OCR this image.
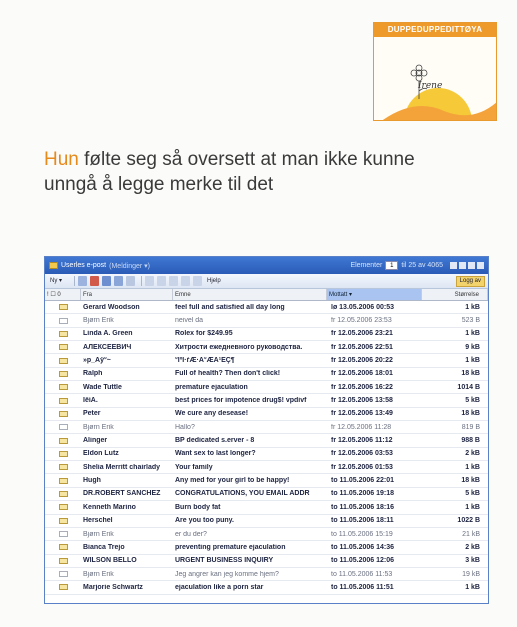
DUPPEDUPPEDITTØYA
Irene
Hun følte seg så oversett at man ikke kunne unngå å legge merke til det
Userles e-post (Meldinger ▾)	Elementer	1	til 25 av 4065
Ny ▾	Hjelp	Logg av
! ☐ 0	Fra	Emne	Mottatt ▾	Størrelse
Gerard Woodson	feel full and satisfied all day long	lø 13.05.2006 00:53	1 kB
Bjørn Erik	neivel da	fr 12.05.2006 23:53	523 B
Linda A. Green	Rolex for $249.95	fr 12.05.2006 23:21	1 kB
АЛЕКСЕЕВИЧ	Хитрости ежедневного руководства.	fr 12.05.2006 22:51	9 kB
»р_Ãÿ°~	°ÎºÌ·ѓÆ·Ä°ÆÀ¹ÈÇ¶	fr 12.05.2006 20:22	1 kB
Ralph	Full of health? Then don't click!	fr 12.05.2006 18:01	18 kB
Wade Tuttle	premature ejaculation	fr 12.05.2006 16:22	1014 B
ÎëìÀ.	best prices for impotence drug$! vpdivf	fr 12.05.2006 13:58	5 kB
Peter	We cure any desease!	fr 12.05.2006 13:49	18 kB
Bjørn Erik	Hallo?	fr 12.05.2006 11:28	819 B
Alinger	BP dedicated s.erver - 8	fr 12.05.2006 11:12	988 B
Eldon Lutz	Want sex to last longer?	fr 12.05.2006 03:53	2 kB
Shelia Merritt chairlady	Your family	fr 12.05.2006 01:53	1 kB
Hugh	Any med for your girl to be happy!	to 11.05.2006 22:01	18 kB
DR.ROBERT SANCHEZ	CONGRATULATIONS, YOU EMAIL ADDR	to 11.05.2006 19:18	5 kB
Kenneth Marino	Burn body fat	to 11.05.2006 18:16	1 kB
Herschel	Are you too puny.	to 11.05.2006 18:11	1022 B
Bjørn Erik	er du der?	to 11.05.2006 15:19	21 kB
Bianca Trejo	preventing premature ejaculation	to 11.05.2006 14:36	2 kB
WILSON BELLO	URGENT BUSINESS INQUIRY	to 11.05.2006 12:06	3 kB
Bjørn Erik	Jeg angrer kan jeg komme hjem?	to 11.05.2006 11:53	19 kB
Marjorie Schwartz	ejaculation like a porn star	to 11.05.2006 11:51	1 kB
